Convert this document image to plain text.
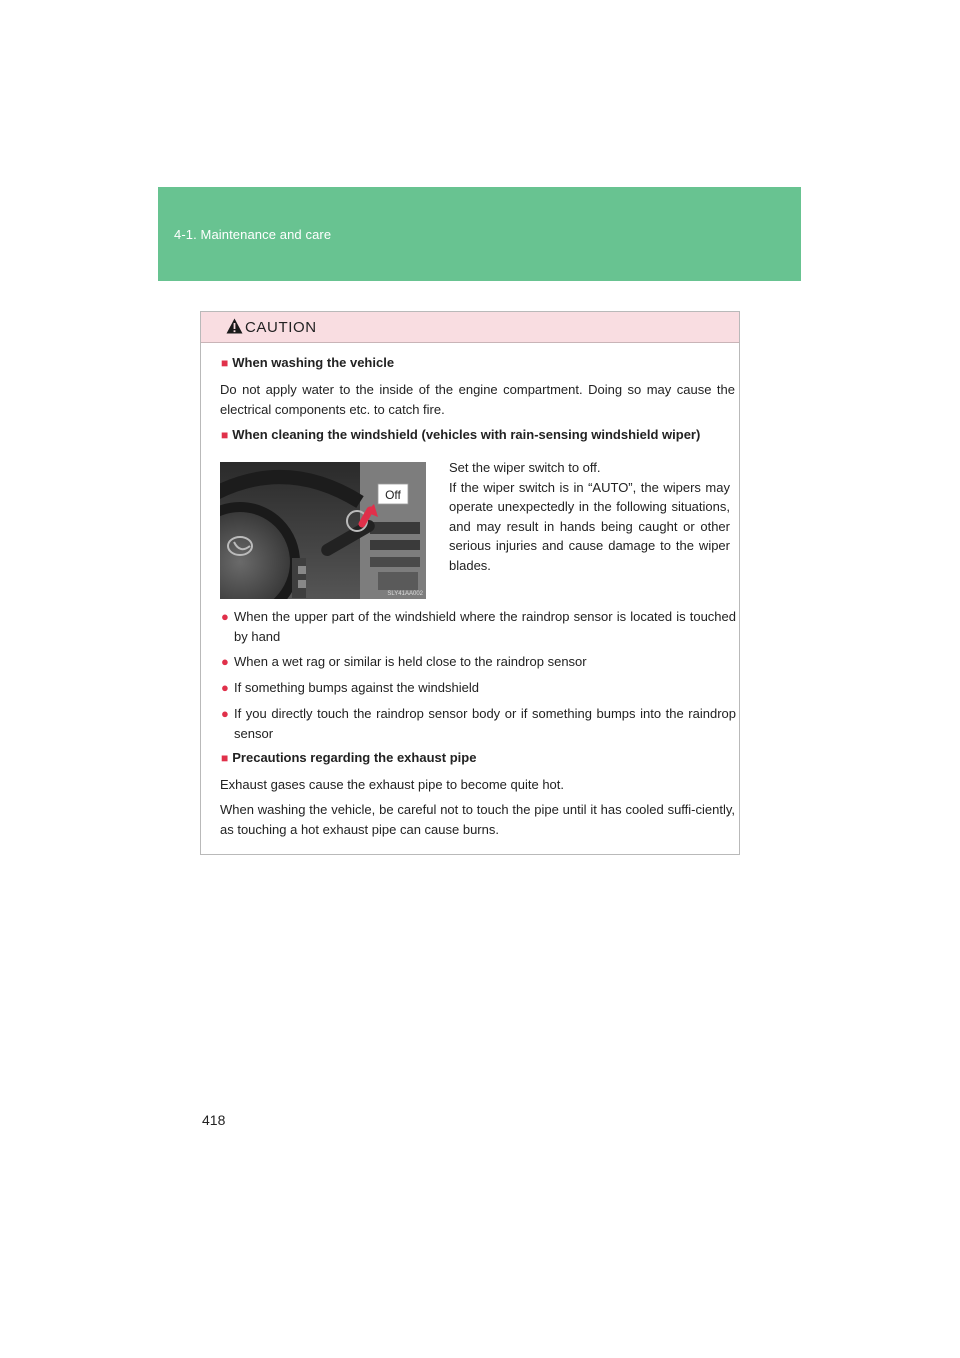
4-1. Maintenance and care
CAUTION
■ When washing the vehicle
Do not apply water to the inside of the engine compartment. Doing so may cause the electrical components etc. to catch fire.
■ When cleaning the windshield (vehicles with rain-sensing windshield wiper)
Off
SLY41AA002

Set the wiper switch to off.

If the wiper switch is in “AUTO”, the wipers may operate unexpectedly in the following situations, and may result in hands being caught or other serious injuries and cause damage to the wiper blades.

● When the upper part of the windshield where the raindrop sensor is located is touched by hand
● When a wet rag or similar is held close to the raindrop sensor
● If something bumps against the windshield
● If you directly touch the raindrop sensor body or if something bumps into the raindrop sensor
■ Precautions regarding the exhaust pipe
Exhaust gases cause the exhaust pipe to become quite hot.
When washing the vehicle, be careful not to touch the pipe until it has cooled suffi-ciently, as touching a hot exhaust pipe can cause burns.
418
